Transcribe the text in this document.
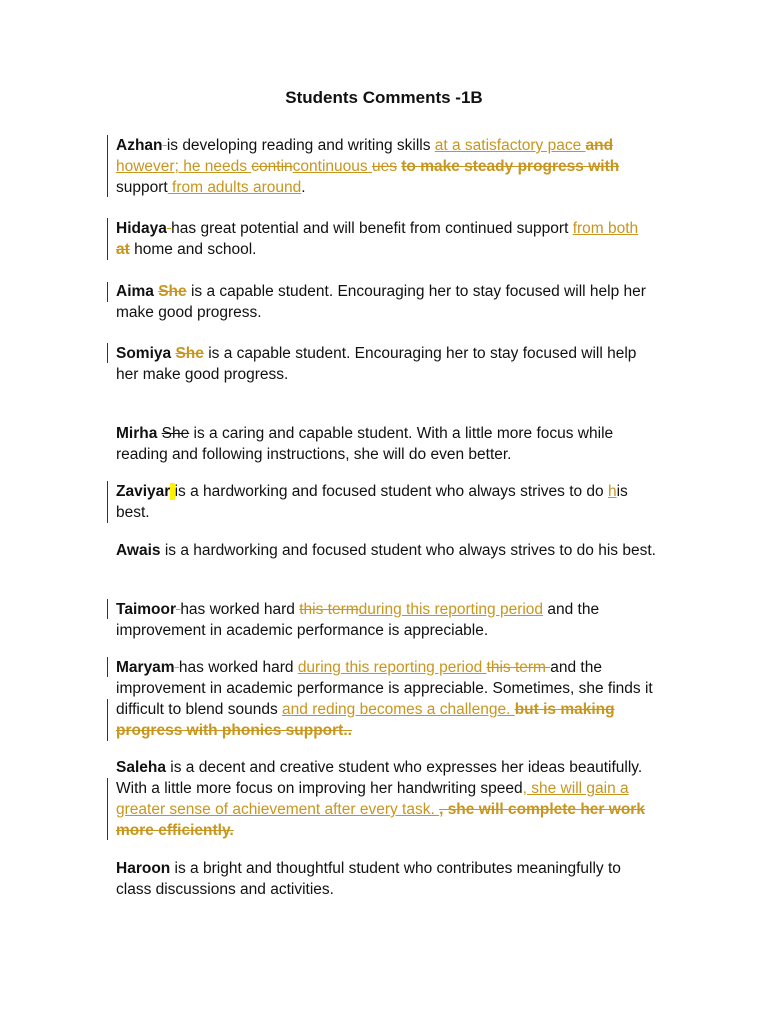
Students Comments -1B
Azhan is developing reading and writing skills at a satisfactory pace and however; he needs contincontinuous ues to make steady progress with support from adults around.
Hidaya has great potential and will benefit from continued support from both at home and school.
Aima She is a capable student. Encouraging her to stay focused will help her make good progress.
Somiya She is a capable student. Encouraging her to stay focused will help her make good progress.
Mirha She is a caring and capable student. With a little more focus while reading and following instructions, she will do even better.
Zaviyar is a hardworking and focused student who always strives to do his best.
Awais is a hardworking and focused student who always strives to do his best.
Taimoor has worked hard this termduring this reporting period and the improvement in academic performance is appreciable.
Maryam has worked hard during this reporting period this term and the improvement in academic performance is appreciable. Sometimes, she finds it difficult to blend sounds and reding becomes a challenge. but is making progress with phonics support..
Saleha is a decent and creative student who expresses her ideas beautifully. With a little more focus on improving her handwriting speed, she will gain a greater sense of achievement after every task. , she will complete her work more efficiently.
Haroon is a bright and thoughtful student who contributes meaningfully to class discussions and activities.
